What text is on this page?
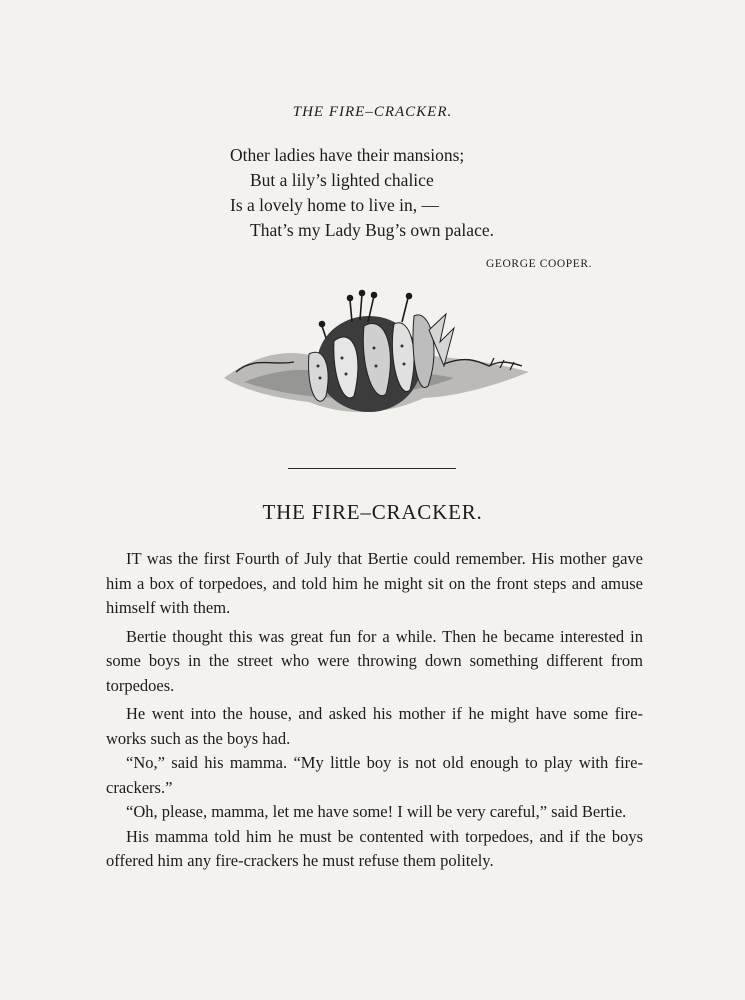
THE FIRE–CRACKER.
Other ladies have their mansions;
But a lily’s lighted chalice
Is a lovely home to live in, —
That’s my Lady Bug’s own palace.
GEORGE COOPER.
THE FIRE–CRACKER.

IT was the first Fourth of July that Bertie could remember. His mother gave him a box of torpedoes, and told him he might sit on the front steps and amuse himself with them.

Bertie thought this was great fun for a while. Then he became interested in some boys in the street who were throwing down something different from torpedoes.

He went into the house, and asked his mother if he might have some fire-works such as the boys had.

“No,” said his mamma. “My little boy is not old enough to play with fire-crackers.”

“Oh, please, mamma, let me have some! I will be very careful,” said Bertie.

His mamma told him he must be contented with torpedoes, and if the boys offered him any fire-crackers he must refuse them politely.
